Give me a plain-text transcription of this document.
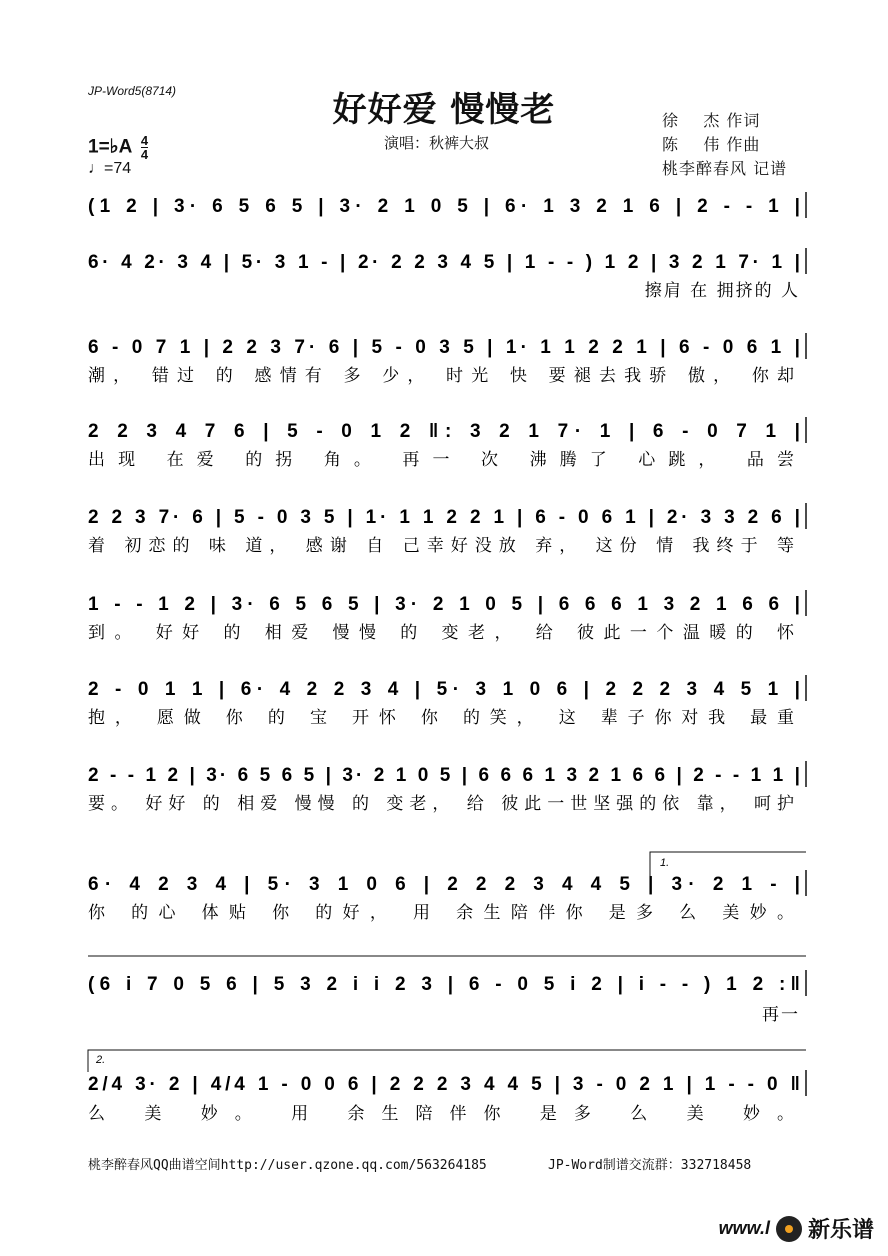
JP-Word5(8714)	好好爱 慢慢老
演唱：秋裤大叔
徐    杰 作词
陈    伟 作曲
桃李醉春风 记谱
1=♭A $\frac{4}{4}$
♩=74
(1 2 | 3· 6 5 6 5 | 3· 2 1 0 5 | 6· 1 3 2 1 6 | 2 - - 1 |
6· 4 2· 3 4 | 5· 3 1 - | 2· 2 2 3 4 5 | 1 - - ) 1 2 | 3 2 1 7· 1 |
擦肩 在 拥挤的 人
6 - 0 7 1 | 2 2 3 7· 6 | 5 - 0 3 5 | 1· 1 1 2 2 1 | 6 - 0 6 1 |
潮， 错过 的 感情有 多 少， 时光 快 要褪去我骄 傲， 你却
2 2 3 4 7 6 | 5 - 0 1 2 ‖: 3 2 1 7· 1 | 6 - 0 7 1 |
出现 在爱 的拐 角。 再一 次 沸腾了 心跳， 品尝
2 2 3 7· 6 | 5 - 0 3 5 | 1· 1 1 2 2 1 | 6 - 0 6 1 | 2· 3 3 2 6 |
着 初恋的 味 道， 感谢 自 己幸好没放 弃， 这份 情 我终于 等
1 - - 1 2 | 3· 6 5 6 5 | 3· 2 1 0 5 | 6 6 6 1 3 2 1 6 6 |
到。 好好 的 相爱 慢慢 的 变老， 给 彼此一个温暖的 怀
2 - 0 1 1 | 6· 4 2 2 3 4 | 5· 3 1 0 6 | 2 2 2 3 4 5 1 |
抱， 愿做 你 的 宝 开怀 你 的笑， 这 辈子你对我 最重
2 - - 1 2 | 3· 6 5 6 5 | 3· 2 1 0 5 | 6 6 6 1 3 2 1 6 6 | 2 - - 1 1 |
要。 好好 的 相爱 慢慢 的 变老， 给 彼此一世坚强的依 靠， 呵护
6· 4 2 3 4 | 5· 3 1 0 6 | 2 2 2 3 4 4 5 | 3· 2 1 - |
你 的心 体贴 你 的好， 用 余生陪伴你 是多 么 美妙。
(6 i 7 0 5 6 | 5 3 2 i i 2 3 | 6 - 0 5 i 2 | i - - ) 1 2 :‖
再一
2/4 3· 2 | 4/4 1 - 0 0 6 | 2 2 2 3 4 4 5 | 3 - 0 2 1 | 1 - - 0 ‖
么 美 妙。 用 余生陪伴你 是多 么 美 妙。
1.
2.
桃李醉春风QQ曲谱空间http://user.qzone.qq.com/563264185	JP-Word制谱交流群：332718458
www.l 新乐谱
